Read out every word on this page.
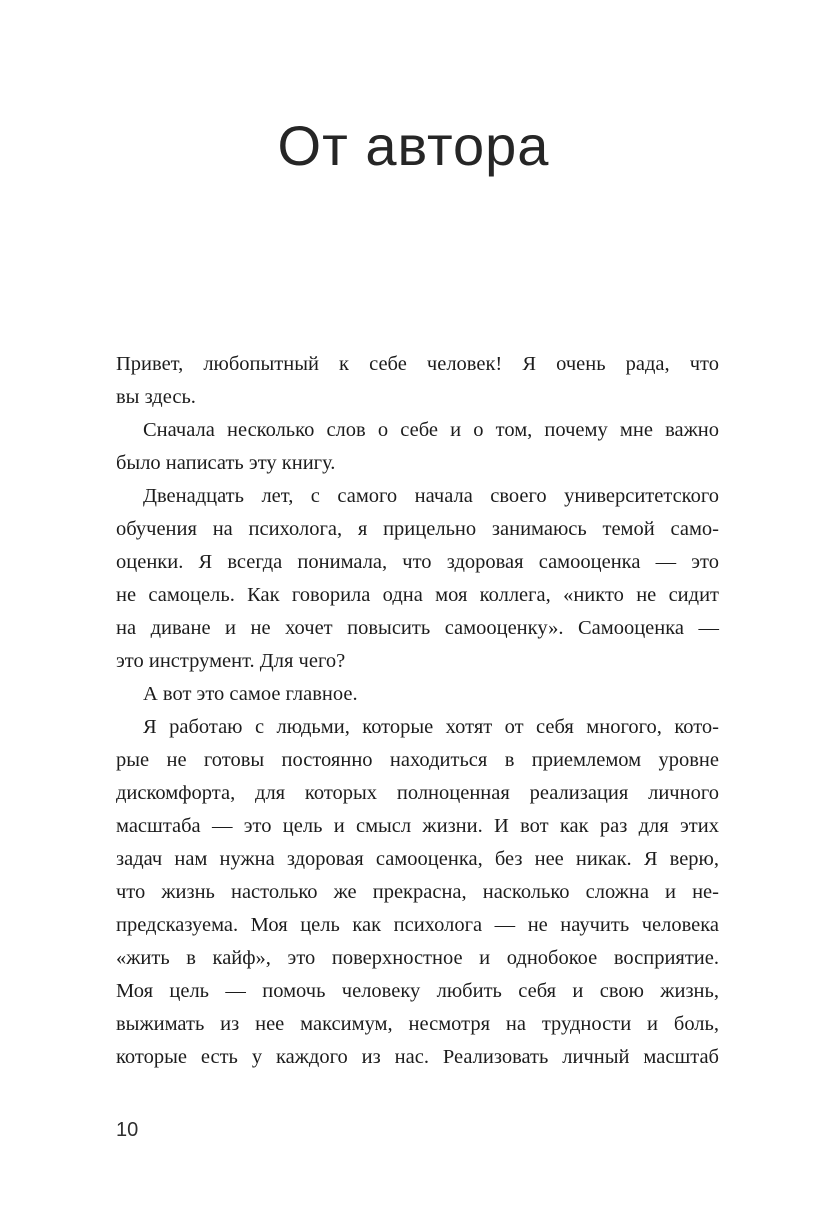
От автора
Привет, любопытный к себе человек! Я очень рада, что
вы здесь.
Сначала несколько слов о себе и о том, почему мне важно
было написать эту книгу.
Двенадцать лет, с самого начала своего университетского
обучения на психолога, я прицельно занимаюсь темой само-
оценки. Я всегда понимала, что здоровая самооценка — это
не самоцель. Как говорила одна моя коллега, «никто не сидит
на диване и не хочет повысить самооценку». Самооценка —
это инструмент. Для чего?
А вот это самое главное.
Я работаю с людьми, которые хотят от себя многого, кото-
рые не готовы постоянно находиться в приемлемом уровне
дискомфорта, для которых полноценная реализация личного
масштаба — это цель и смысл жизни. И вот как раз для этих
задач нам нужна здоровая самооценка, без нее никак. Я верю,
что жизнь настолько же прекрасна, насколько сложна и не-
предсказуема. Моя цель как психолога — не научить человека
«жить в кайф», это поверхностное и однобокое восприятие.
Моя цель — помочь человеку любить себя и свою жизнь,
выжимать из нее максимум, несмотря на трудности и боль,
которые есть у каждого из нас. Реализовать личный масштаб
10
